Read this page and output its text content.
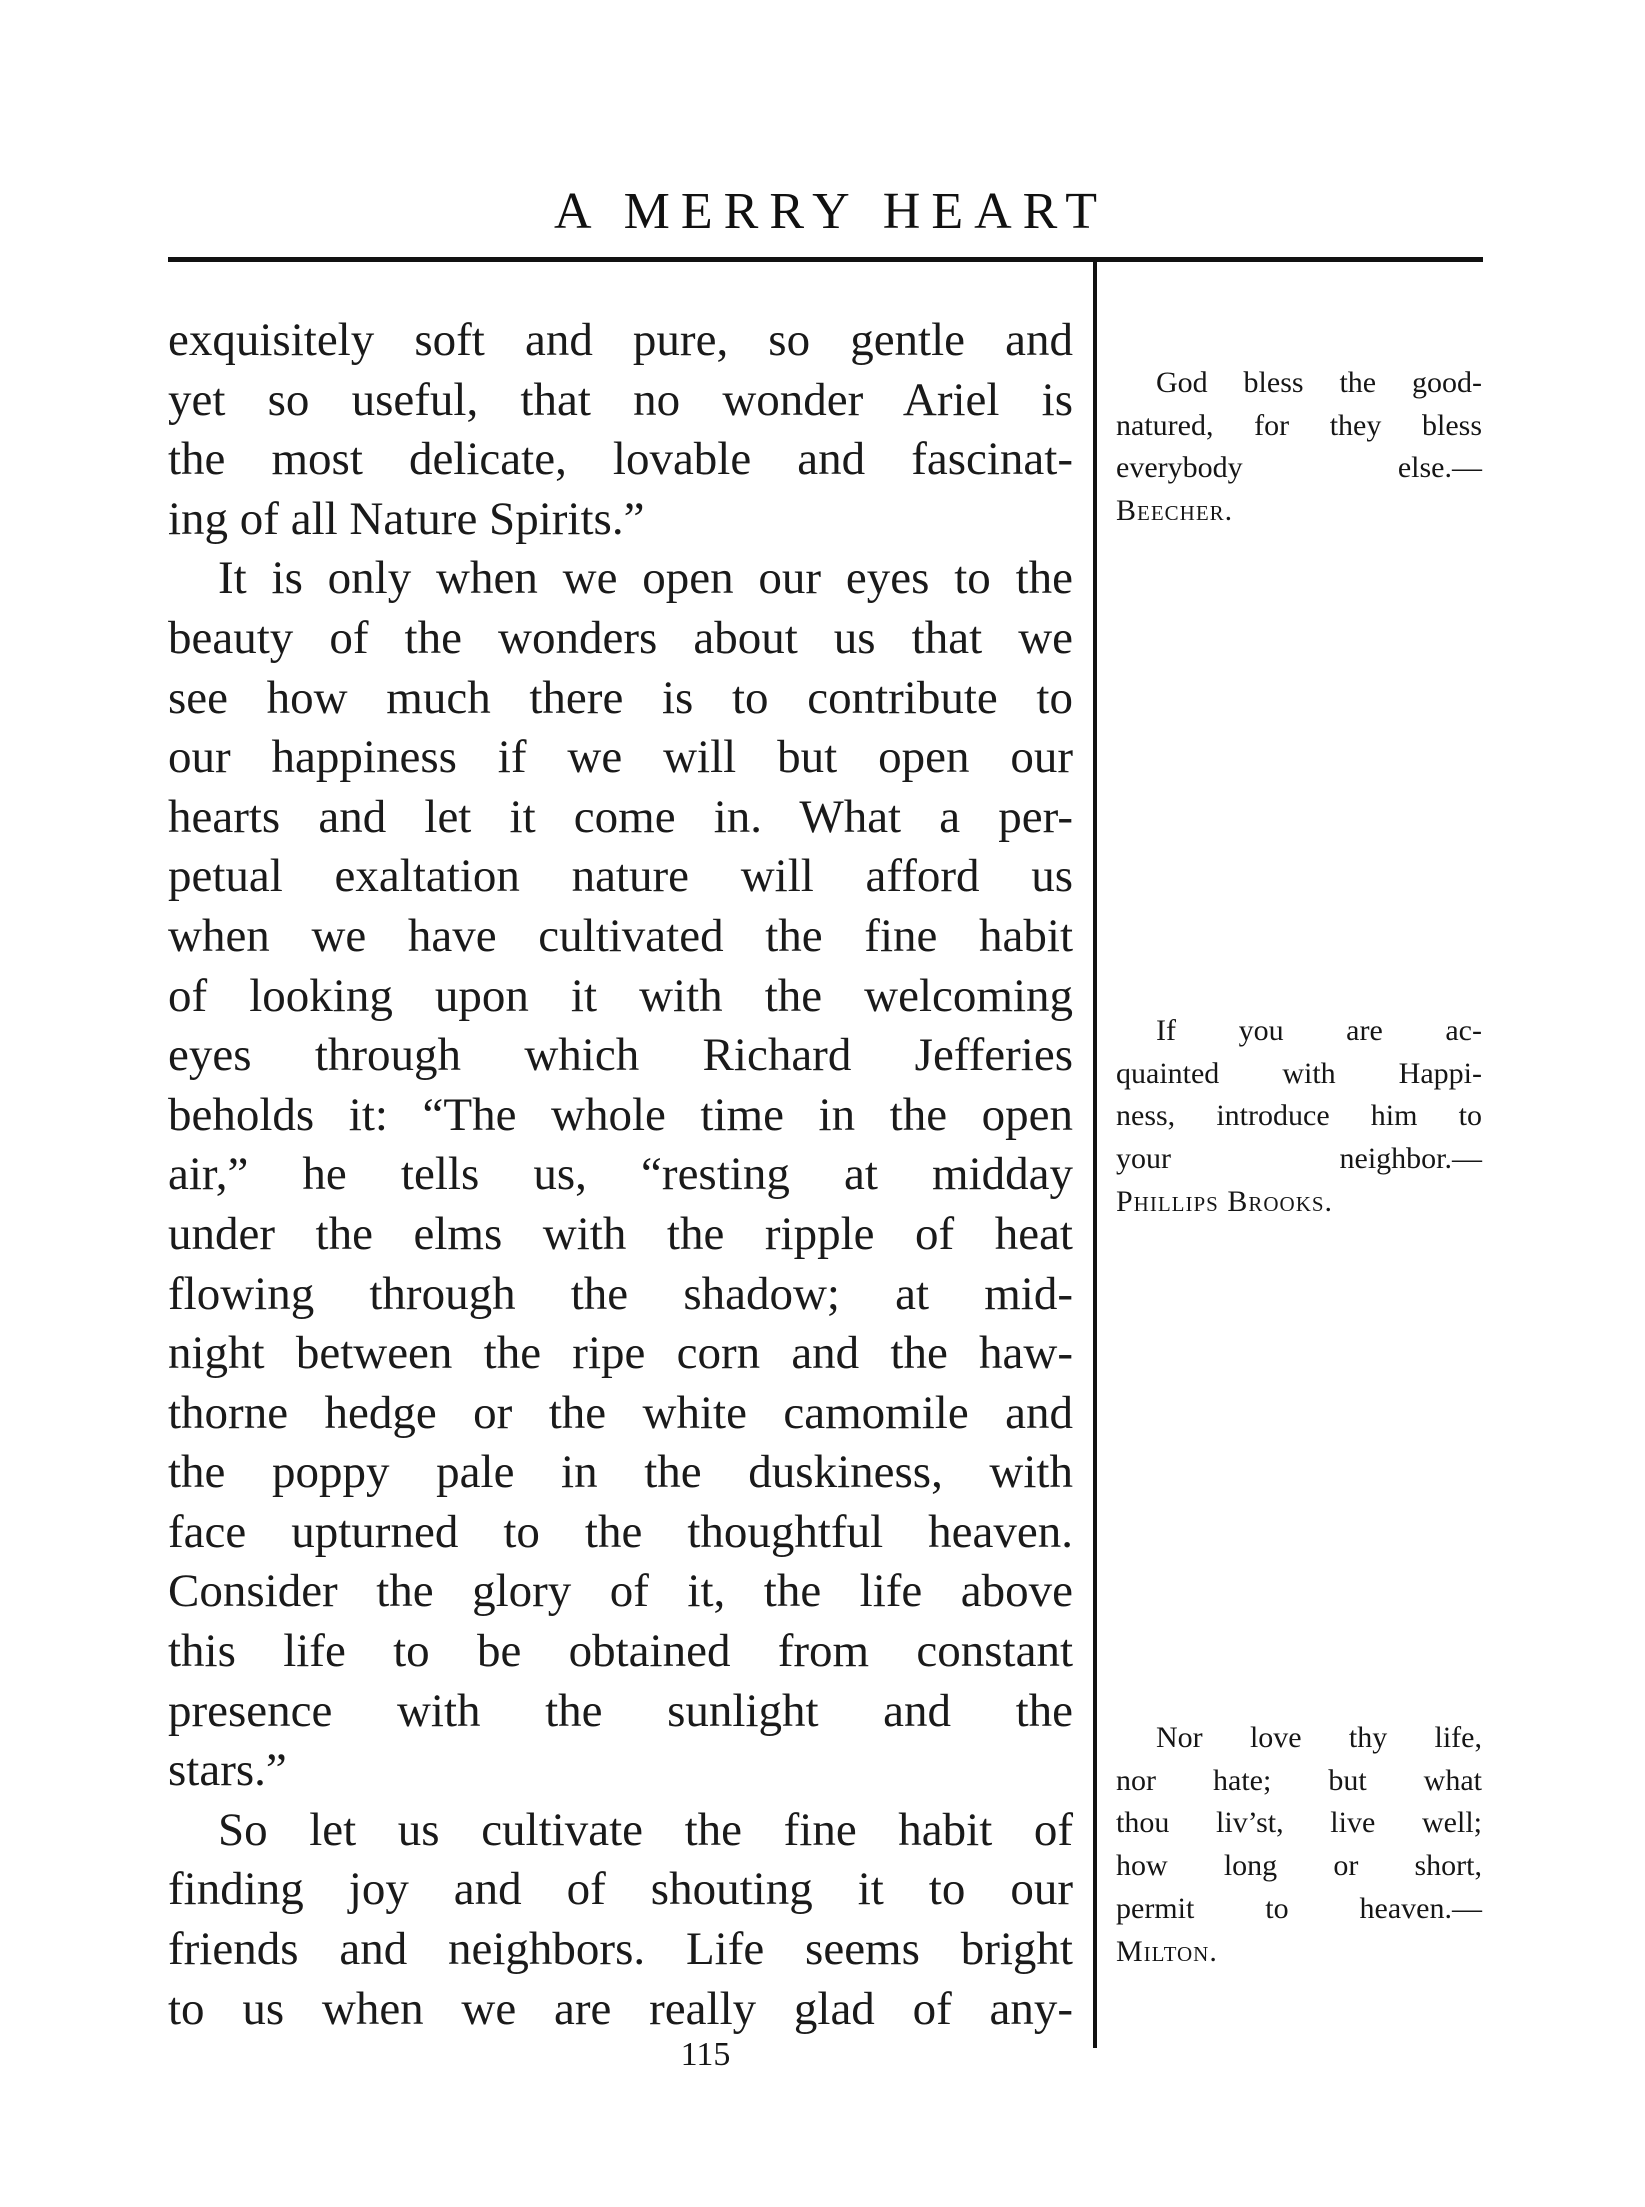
A MERRY HEART
exquisitely soft and pure, so gentle and
yet so useful, that no wonder Ariel is
the most delicate, lovable and fascinat-
ing of all Nature Spirits.”
It is only when we open our eyes to the
beauty of the wonders about us that we
see how much there is to contribute to
our happiness if we will but open our
hearts and let it come in. What a per-
petual exaltation nature will afford us
when we have cultivated the fine habit
of looking upon it with the welcoming
eyes through which Richard Jefferies
beholds it: “The whole time in the open
air,” he tells us, “resting at midday
under the elms with the ripple of heat
flowing through the shadow; at mid-
night between the ripe corn and the haw-
thorne hedge or the white camomile and
the poppy pale in the duskiness, with
face upturned to the thoughtful heaven.
Consider the glory of it, the life above
this life to be obtained from constant
presence with the sunlight and the
stars.”
So let us cultivate the fine habit of
finding joy and of shouting it to our
friends and neighbors. Life seems bright
to us when we are really glad of any-
God bless the good-
natured, for they bless
everybody else.—
Beecher.
If you are ac-
quainted with Happi-
ness, introduce him to
your neighbor.—
Phillips Brooks.
Nor love thy life,
nor hate; but what
thou liv’st, live well;
how long or short,
permit to heaven.—
Milton.
115
